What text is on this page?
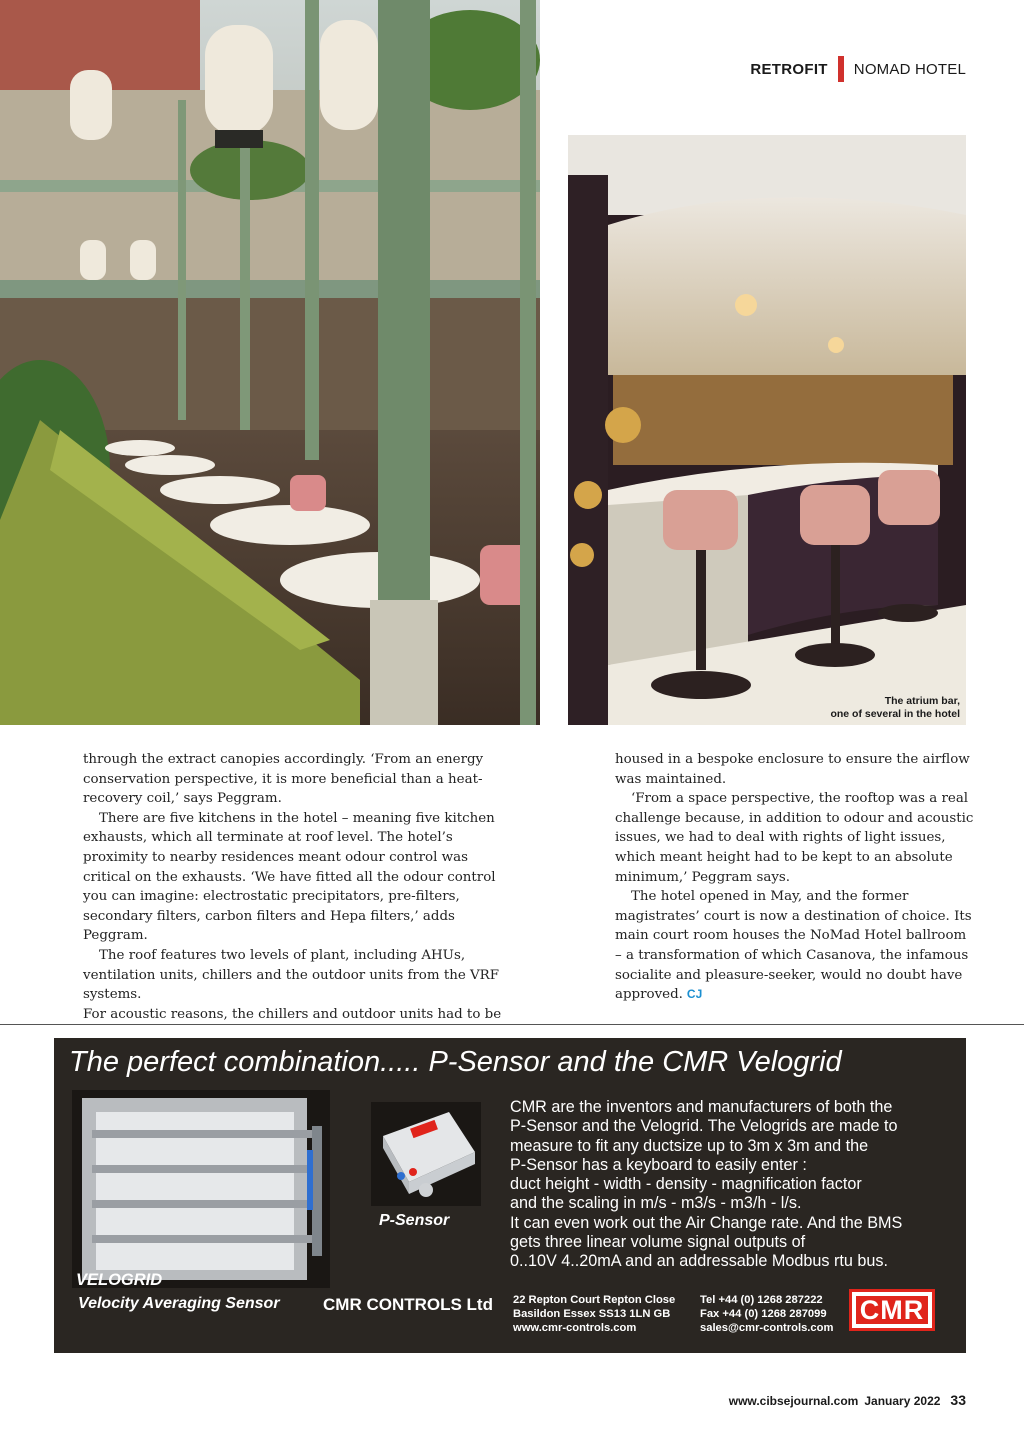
RETROFIT NOMAD HOTEL
The atrium bar,
one of several in the hotel

through the extract canopies accordingly. ‘From an energy conservation perspective, it is more beneficial than a heat-recovery coil,’ says Peggram.

There are five kitchens in the hotel – meaning five kitchen exhausts, which all terminate at roof level. The hotel’s proximity to nearby residences meant odour control was critical on the exhausts. ‘We have fitted all the odour control you can imagine: electrostatic precipitators, pre-filters, secondary filters, carbon filters and Hepa filters,’ adds Peggram.

The roof features two levels of plant, including AHUs, ventilation units, chillers and the outdoor units from the VRF systems.

For acoustic reasons, the chillers and outdoor units had to be

housed in a bespoke enclosure to ensure the airflow was maintained.

‘From a space perspective, the rooftop was a real challenge because, in addition to odour and acoustic issues, we had to deal with rights of light issues, which meant height had to be kept to an absolute minimum,’ Peggram says.

The hotel opened in May, and the former magistrates’ court is now a destination of choice. Its main court room houses the NoMad Hotel ballroom – a transformation of which Casanova, the infamous socialite and pleasure-seeker, would no doubt have approved. CJ

The perfect combination..... P-Sensor and the CMR Velogrid
P-Sensor
CMR are the inventors and manufacturers of both the
P-Sensor and the Velogrid. The Velogrids are made to
measure to fit any ductsize up to 3m x 3m and the
P-Sensor has a keyboard to easily enter :
duct height - width - density - magnification factor
and the scaling in m/s - m3/s - m3/h - l/s.
It can even work out the Air Change rate. And the BMS
gets three linear volume signal outputs of
0..10V 4..20mA and an addressable Modbus rtu bus.
VELOGRID
Velocity Averaging Sensor	CMR CONTROLS Ltd 22 Repton Court Repton Close
Basildon Essex SS13 1LN GB
www.cmr-controls.com
Tel +44 (0) 1268 287222
Fax +44 (0) 1268 287099
sales@cmr-controls.com
CMR
www.cibsejournal.com January 2022 33
